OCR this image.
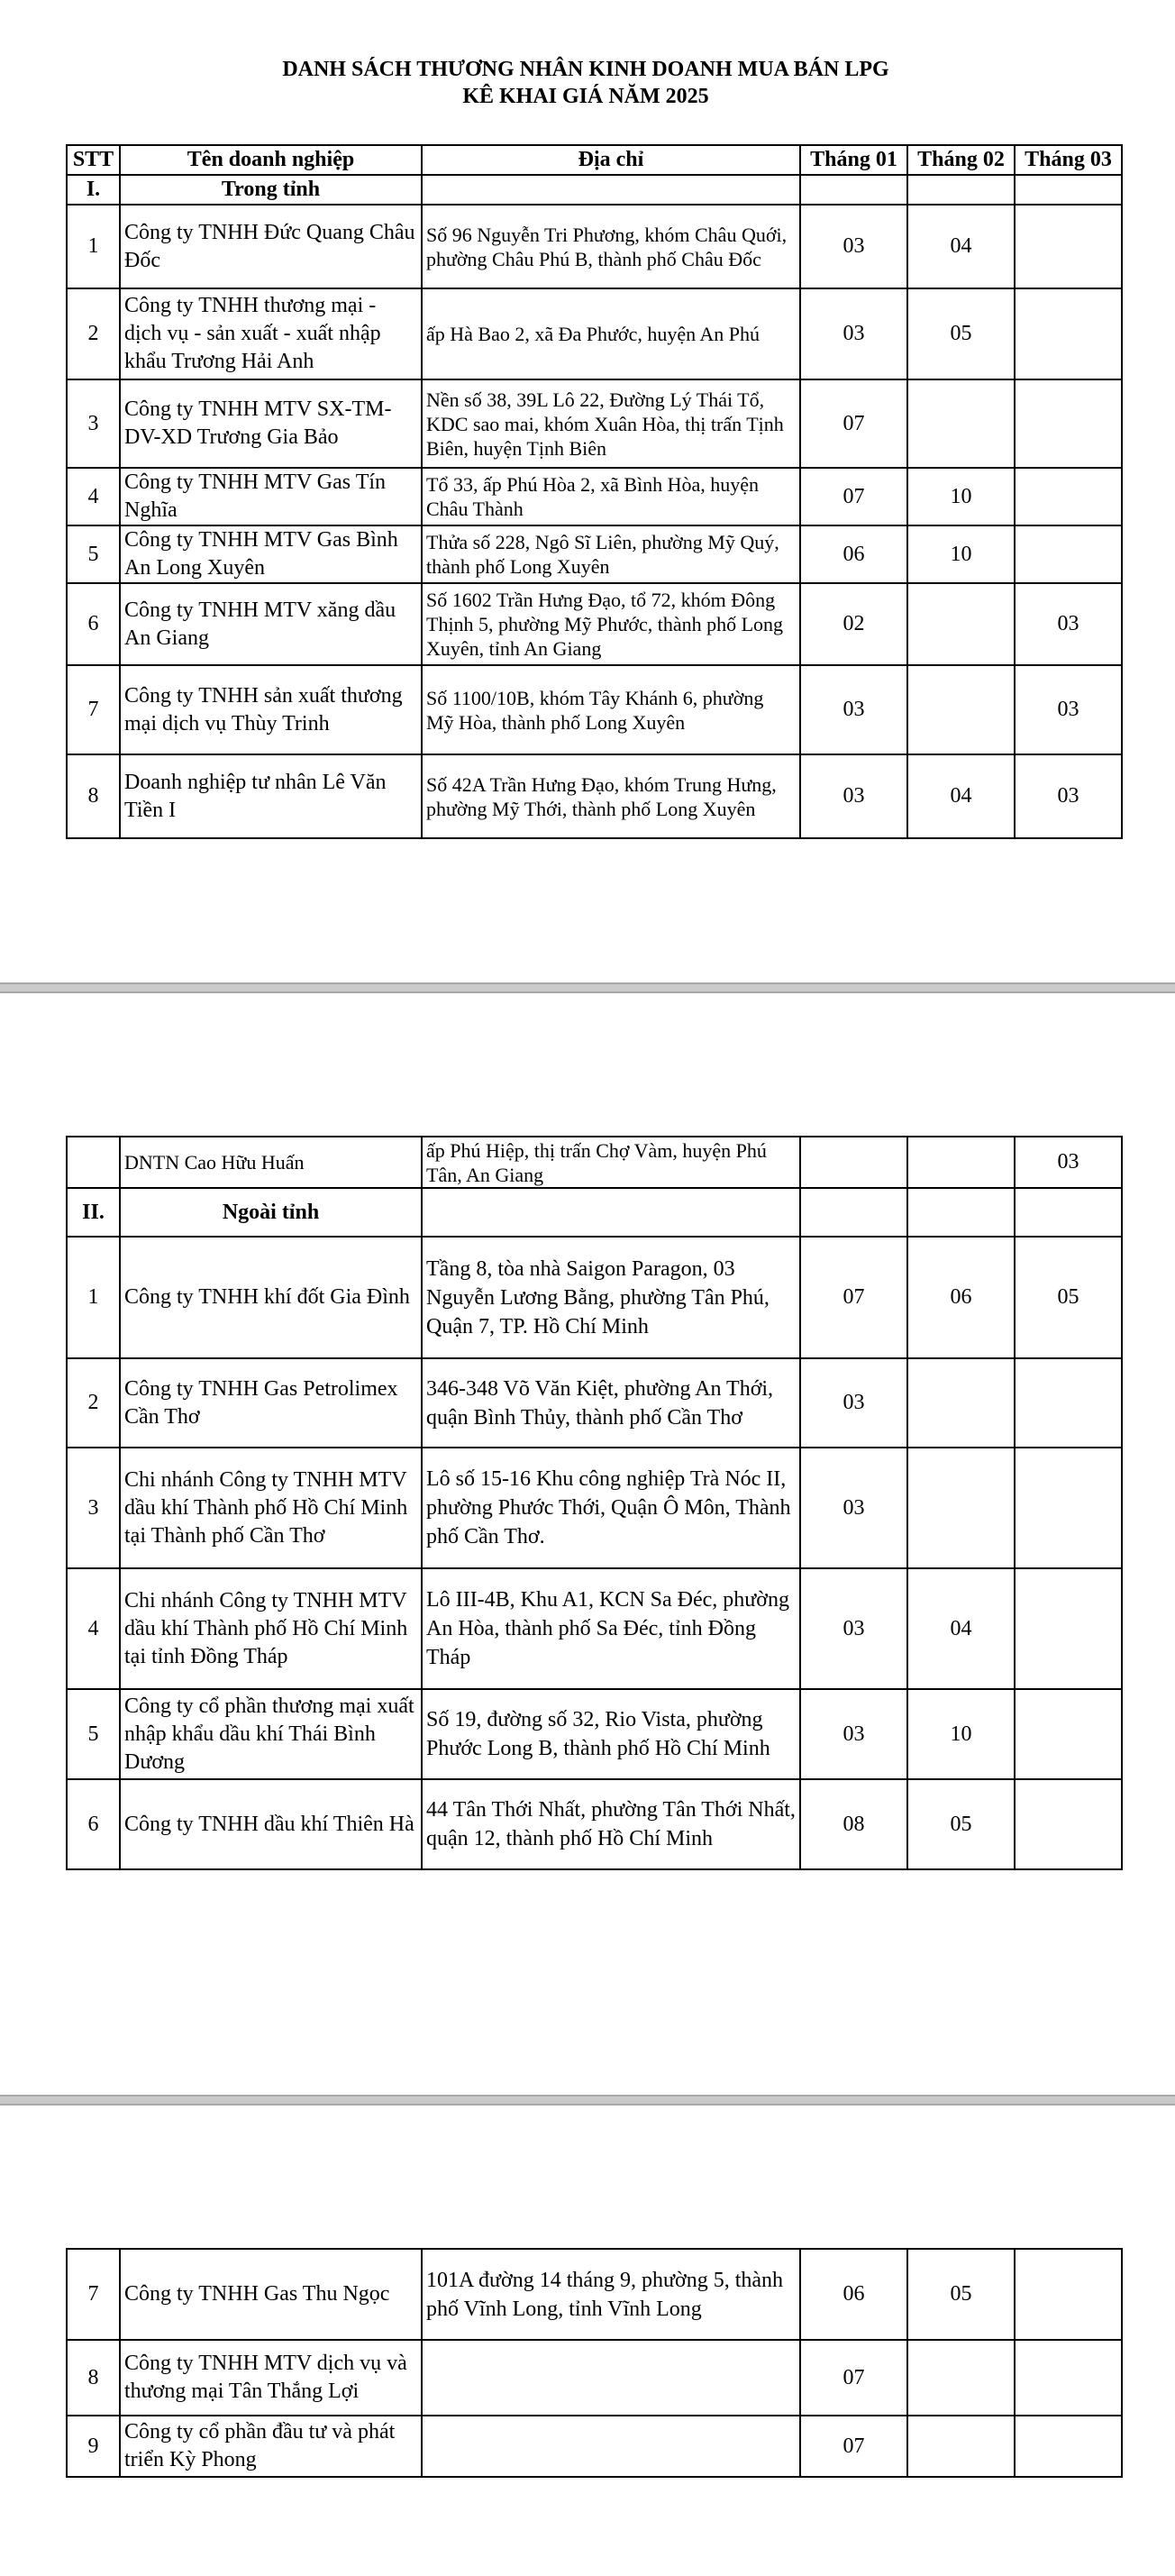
DANH SÁCH THƯƠNG NHÂN KINH DOANH MUA BÁN LPG
KÊ KHAI GIÁ NĂM 2025
STT	Tên doanh nghiệp	Địa chỉ	Tháng 01	Tháng 02	Tháng 03
I.	Trong tỉnh				
1	Công ty TNHH Đức Quang Châu Đốc	Số 96 Nguyễn Tri Phương, khóm Châu Quới, phường Châu Phú B, thành phố Châu Đốc	03	04	
2	Công ty TNHH thương mại - dịch vụ - sản xuất - xuất nhập khẩu Trương Hải Anh	ấp Hà Bao 2, xã Đa Phước, huyện An Phú	03	05	
3	Công ty TNHH MTV SX-TM-DV-XD Trương Gia Bảo	Nền số 38, 39L Lô 22, Đường Lý Thái Tổ, KDC sao mai, khóm Xuân Hòa, thị trấn Tịnh Biên, huyện Tịnh Biên	07		
4	Công ty TNHH MTV Gas Tín Nghĩa	Tổ 33, ấp Phú Hòa 2, xã Bình Hòa, huyện Châu Thành	07	10	
5	Công ty TNHH MTV Gas Bình An Long Xuyên	Thửa số 228, Ngô Sĩ Liên, phường Mỹ Quý, thành phố Long Xuyên	06	10	
6	Công ty TNHH MTV xăng dầu An Giang	Số 1602 Trần Hưng Đạo, tổ 72, khóm Đông Thịnh 5, phường Mỹ Phước, thành phố Long Xuyên, tỉnh An Giang	02		03
7	Công ty TNHH sản xuất thương mại dịch vụ Thùy Trinh	Số 1100/10B, khóm Tây Khánh 6, phường Mỹ Hòa, thành phố Long Xuyên	03		03
8	Doanh nghiệp tư nhân Lê Văn Tiền I	Số 42A Trần Hưng Đạo, khóm Trung Hưng, phường Mỹ Thới, thành phố Long Xuyên	03	04	03
	DNTN Cao Hữu Huấn	ấp Phú Hiệp, thị trấn Chợ Vàm, huyện Phú Tân, An Giang			03
II.	Ngoài tỉnh				
1	Công ty TNHH khí đốt Gia Đình	Tầng 8, tòa nhà Saigon Paragon, 03 Nguyễn Lương Bằng, phường Tân Phú, Quận 7, TP. Hồ Chí Minh	07	06	05
2	Công ty TNHH Gas Petrolimex Cần Thơ	346-348 Võ Văn Kiệt, phường An Thới, quận Bình Thủy, thành phố Cần Thơ	03		
3	Chi nhánh Công ty TNHH MTV dầu khí Thành phố Hồ Chí Minh tại Thành phố Cần Thơ	Lô số 15-16 Khu công nghiệp Trà Nóc II, phường Phước Thới, Quận Ô Môn, Thành phố Cần Thơ.	03		
4	Chi nhánh Công ty TNHH MTV dầu khí Thành phố Hồ Chí Minh tại tỉnh Đồng Tháp	Lô III-4B, Khu A1, KCN Sa Đéc, phường An Hòa, thành phố Sa Đéc, tỉnh Đồng Tháp	03	04	
5	Công ty cổ phần thương mại xuất nhập khẩu dầu khí Thái Bình Dương	Số 19, đường số 32, Rio Vista, phường Phước Long B, thành phố Hồ Chí Minh	03	10	
6	Công ty TNHH dầu khí Thiên Hà	44 Tân Thới Nhất, phường Tân Thới Nhất, quận 12, thành phố Hồ Chí Minh	08	05	
7	Công ty TNHH Gas Thu Ngọc	101A đường 14 tháng 9, phường 5, thành phố Vĩnh Long, tỉnh Vĩnh Long	06	05	
8	Công ty TNHH MTV dịch vụ và thương mại Tân Thắng Lợi		07		
9	Công ty cổ phần đầu tư và phát triển Kỳ Phong		07		
